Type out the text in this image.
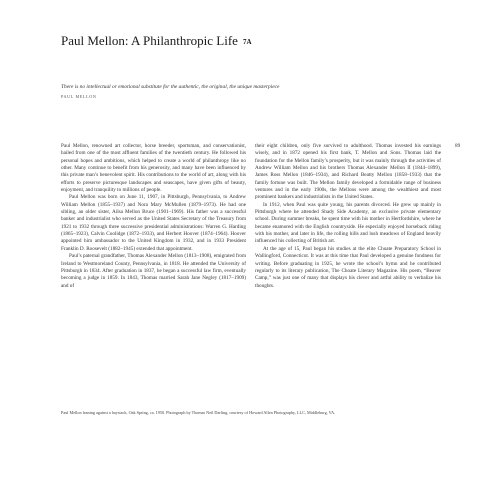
Paul Mellon: A Philanthropic Life 7A
There is no intellectual or emotional substitute for the authentic, the original, the unique masterpiece
PAUL MELLON

Paul Mellon, renowned art collector, horse breeder, sportsman, and conservationist, hailed from one of the most affluent families of the twentieth century. He followed his personal hopes and ambitions, which helped to create a world of philanthropy like no other. Many continue to benefit from his generosity, and many have been influenced by this private man’s benevolent spirit. His contributions to the world of art, along with his efforts to preserve picturesque landscapes and seascapes, have given gifts of beauty, enjoyment, and tranquility to millions of people.

Paul Mellon was born on June 11, 1907, in Pittsburgh, Pennsylvania, to Andrew William Mellon (1855–1937) and Nora Mary McMullen (1879–1973). He had one sibling, an older sister, Ailsa Mellon Bruce (1901–1969). His father was a successful banker and industrialist who served as the United States Secretary of the Treasury from 1921 to 1932 through three successive presidential administrations: Warren G. Harding (1865–1923), Calvin Coolidge (1872–1933), and Herbert Hoover (1874–1964). Hoover appointed him ambassador to the United Kingdom in 1932, and in 1933 President Franklin D. Roosevelt (1882–1945) extended that appointment.

Paul’s paternal grandfather, Thomas Alexander Mellon (1813–1908), emigrated from Ireland to Westmoreland County, Pennsylvania, in 1818. He attended the University of Pittsburgh in 1834. After graduation in 1837, he began a successful law firm, eventually becoming a judge in 1859. In 1843, Thomas married Sarah Jane Negley (1817–1909) and of

their eight children, only five survived to adulthood. Thomas invested his earnings wisely, and in 1872 opened his first bank, T. Mellon and Sons. Thomas laid the foundation for the Mellon family’s prosperity, but it was mainly through the activities of Andrew William Mellon and his brothers Thomas Alexander Mellon II (1844–1899), James Ross Mellon (1846–1934), and Richard Beatty Mellon (1858–1933) that the family fortune was built. The Mellon family developed a formidable range of business ventures and in the early 1900s, the Mellons were among the wealthiest and most prominent bankers and industrialists in the United States.

In 1912, when Paul was quite young, his parents divorced. He grew up mainly in Pittsburgh where he attended Shady Side Academy, an exclusive private elementary school. During summer breaks, he spent time with his mother in Hertfordshire, where he became enamored with the English countryside. He especially enjoyed horseback riding with his mother, and later in life, the rolling hills and lush meadows of England heavily influenced his collecting of British art.

At the age of 15, Paul began his studies at the elite Choate Preparatory School in Wallingford, Connecticut. It was at this time that Paul developed a genuine fondness for writing. Before graduating in 1925, he wrote the school’s hymn and he contributed regularly to its literary publication, The Choate Literary Magazine. His poem, “Beaver Camp,” was just one of many that displays his clever and artful ability to verbalize his thoughts.

89
Paul Mellon leaning against a haystack, Oak Spring, ca. 1950. Photograph by Thomas Neil Darling, courtesy of Howard Allen Photography, LLC, Middleburg, VA.
